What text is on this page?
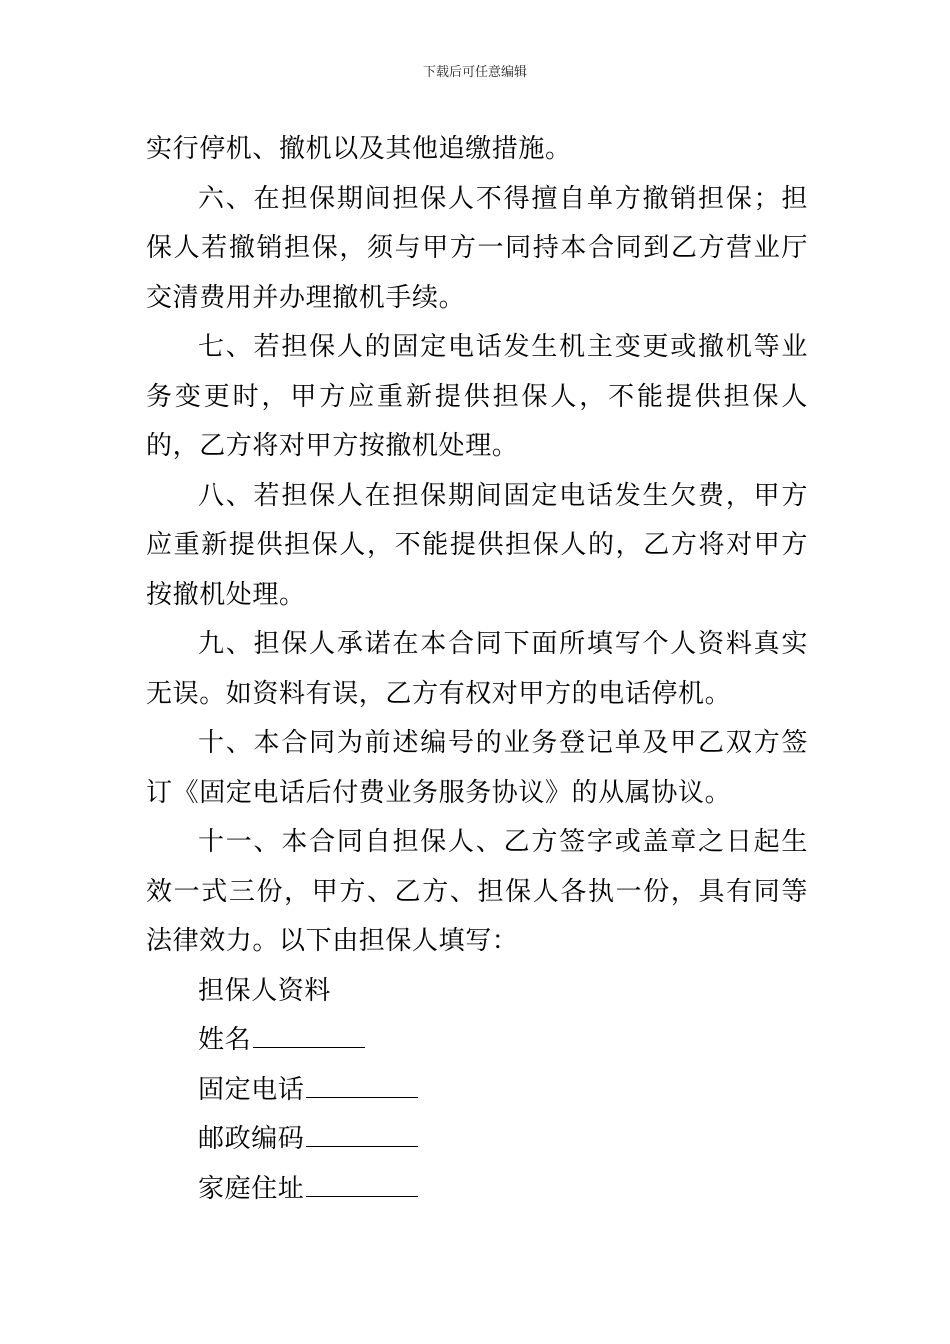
下载后可任意编辑

实行停机、撤机以及其他追缴措施。

六、在担保期间担保人不得擅自单方撤销担保；担保人若撤销担保，须与甲方一同持本合同到乙方营业厅交清费用并办理撤机手续。

七、若担保人的固定电话发生机主变更或撤机等业务变更时，甲方应重新提供担保人，不能提供担保人的，乙方将对甲方按撤机处理。

八、若担保人在担保期间固定电话发生欠费，甲方应重新提供担保人，不能提供担保人的，乙方将对甲方按撤机处理。

九、担保人承诺在本合同下面所填写个人资料真实无误。如资料有误，乙方有权对甲方的电话停机。

十、本合同为前述编号的业务登记单及甲乙双方签订《固定电话后付费业务服务协议》的从属协议。

十一、本合同自担保人、乙方签字或盖章之日起生效一式三份，甲方、乙方、担保人各执一份，具有同等法律效力。以下由担保人填写：

担保人资料

姓名

固定电话

邮政编码

家庭住址
